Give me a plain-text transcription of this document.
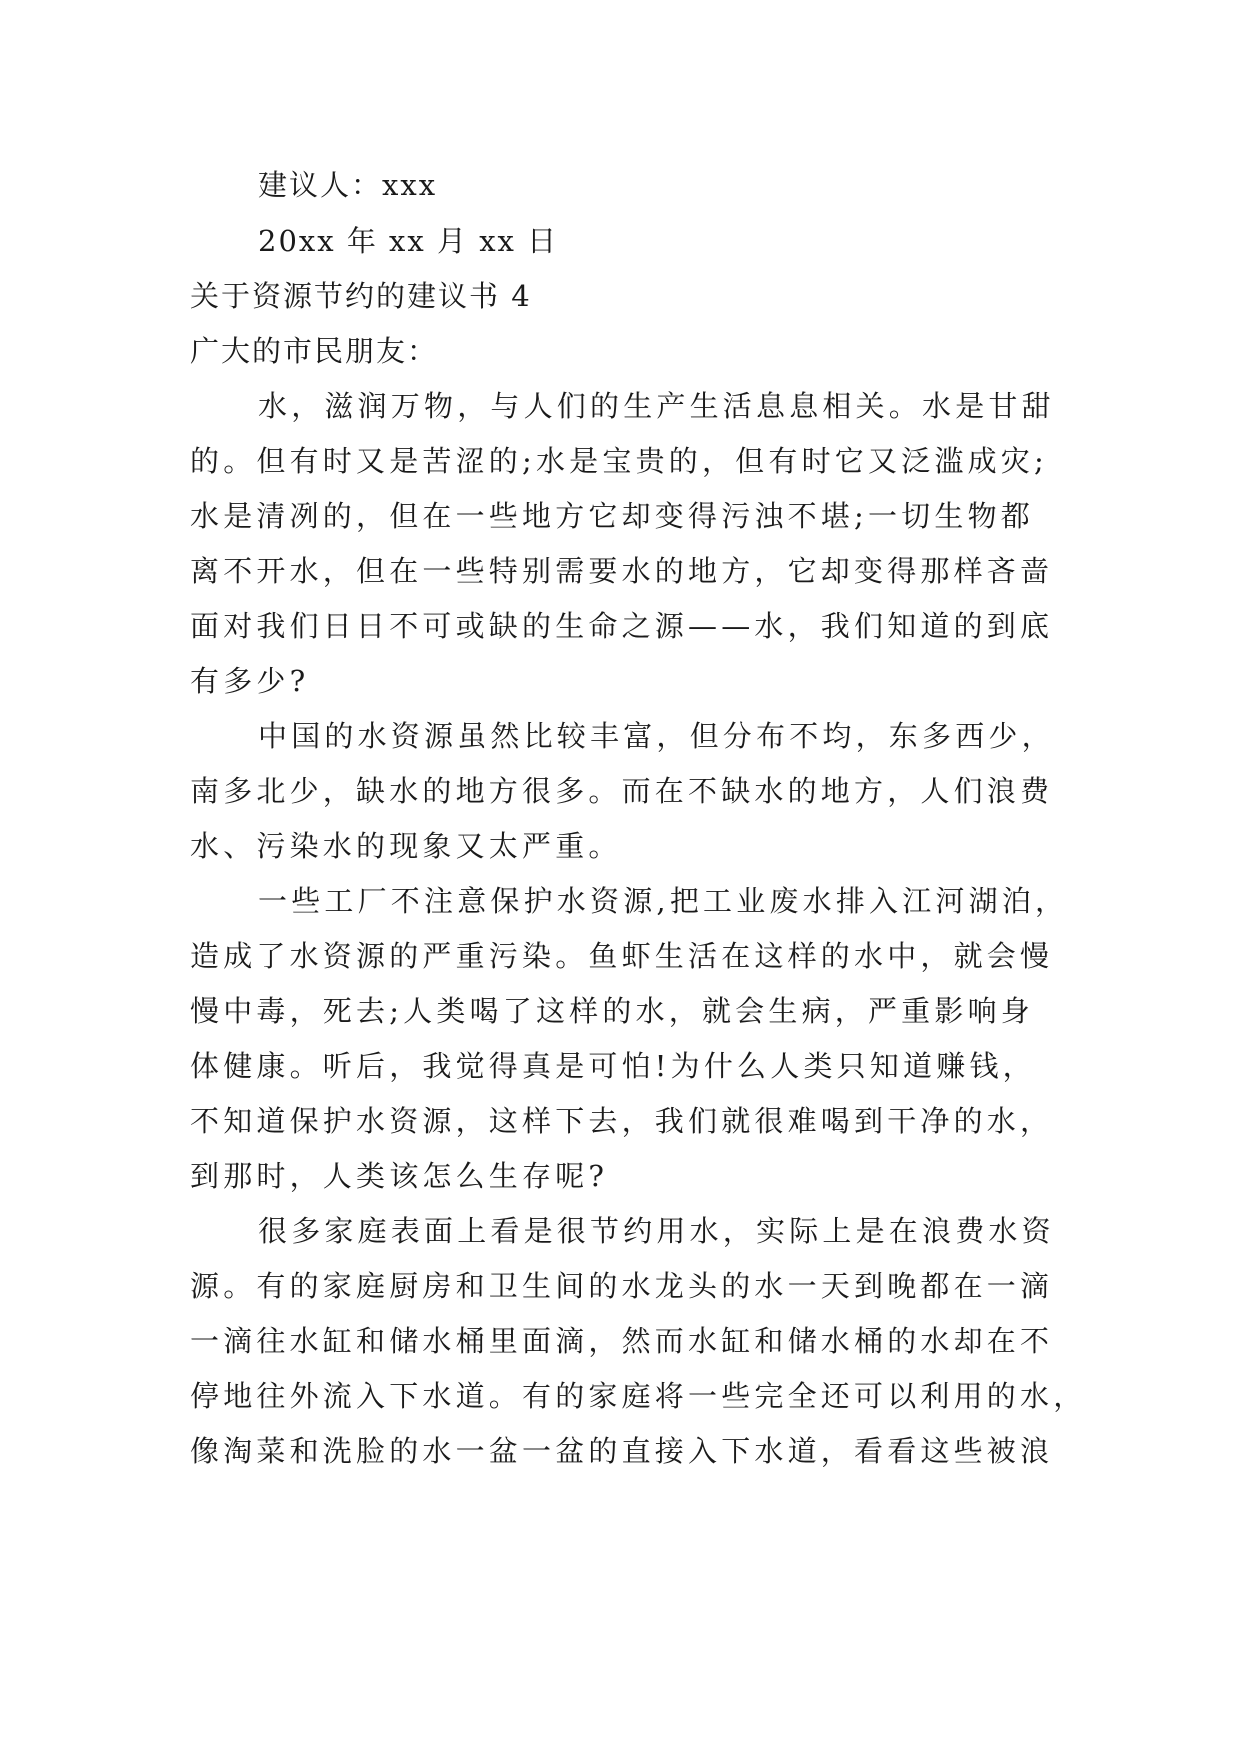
建议人：xxx
20xx 年 xx 月 xx 日
关于资源节约的建议书 4
广大的市民朋友：
水，滋润万物，与人们的生产生活息息相关。水是甘甜
的。但有时又是苦涩的;水是宝贵的，但有时它又泛滥成灾;
水是清冽的，但在一些地方它却变得污浊不堪;一切生物都
离不开水，但在一些特别需要水的地方，它却变得那样吝啬
面对我们日日不可或缺的生命之源——水，我们知道的到底
有多少?
中国的水资源虽然比较丰富，但分布不均，东多西少，
南多北少，缺水的地方很多。而在不缺水的地方，人们浪费
水、污染水的现象又太严重。
一些工厂不注意保护水资源,把工业废水排入江河湖泊，
造成了水资源的严重污染。鱼虾生活在这样的水中，就会慢
慢中毒，死去;人类喝了这样的水，就会生病，严重影响身
体健康。听后，我觉得真是可怕!为什么人类只知道赚钱，
不知道保护水资源，这样下去，我们就很难喝到干净的水，
到那时，人类该怎么生存呢?
很多家庭表面上看是很节约用水，实际上是在浪费水资
源。有的家庭厨房和卫生间的水龙头的水一天到晚都在一滴
一滴往水缸和储水桶里面滴，然而水缸和储水桶的水却在不
停地往外流入下水道。有的家庭将一些完全还可以利用的水，
像淘菜和洗脸的水一盆一盆的直接入下水道，看看这些被浪
